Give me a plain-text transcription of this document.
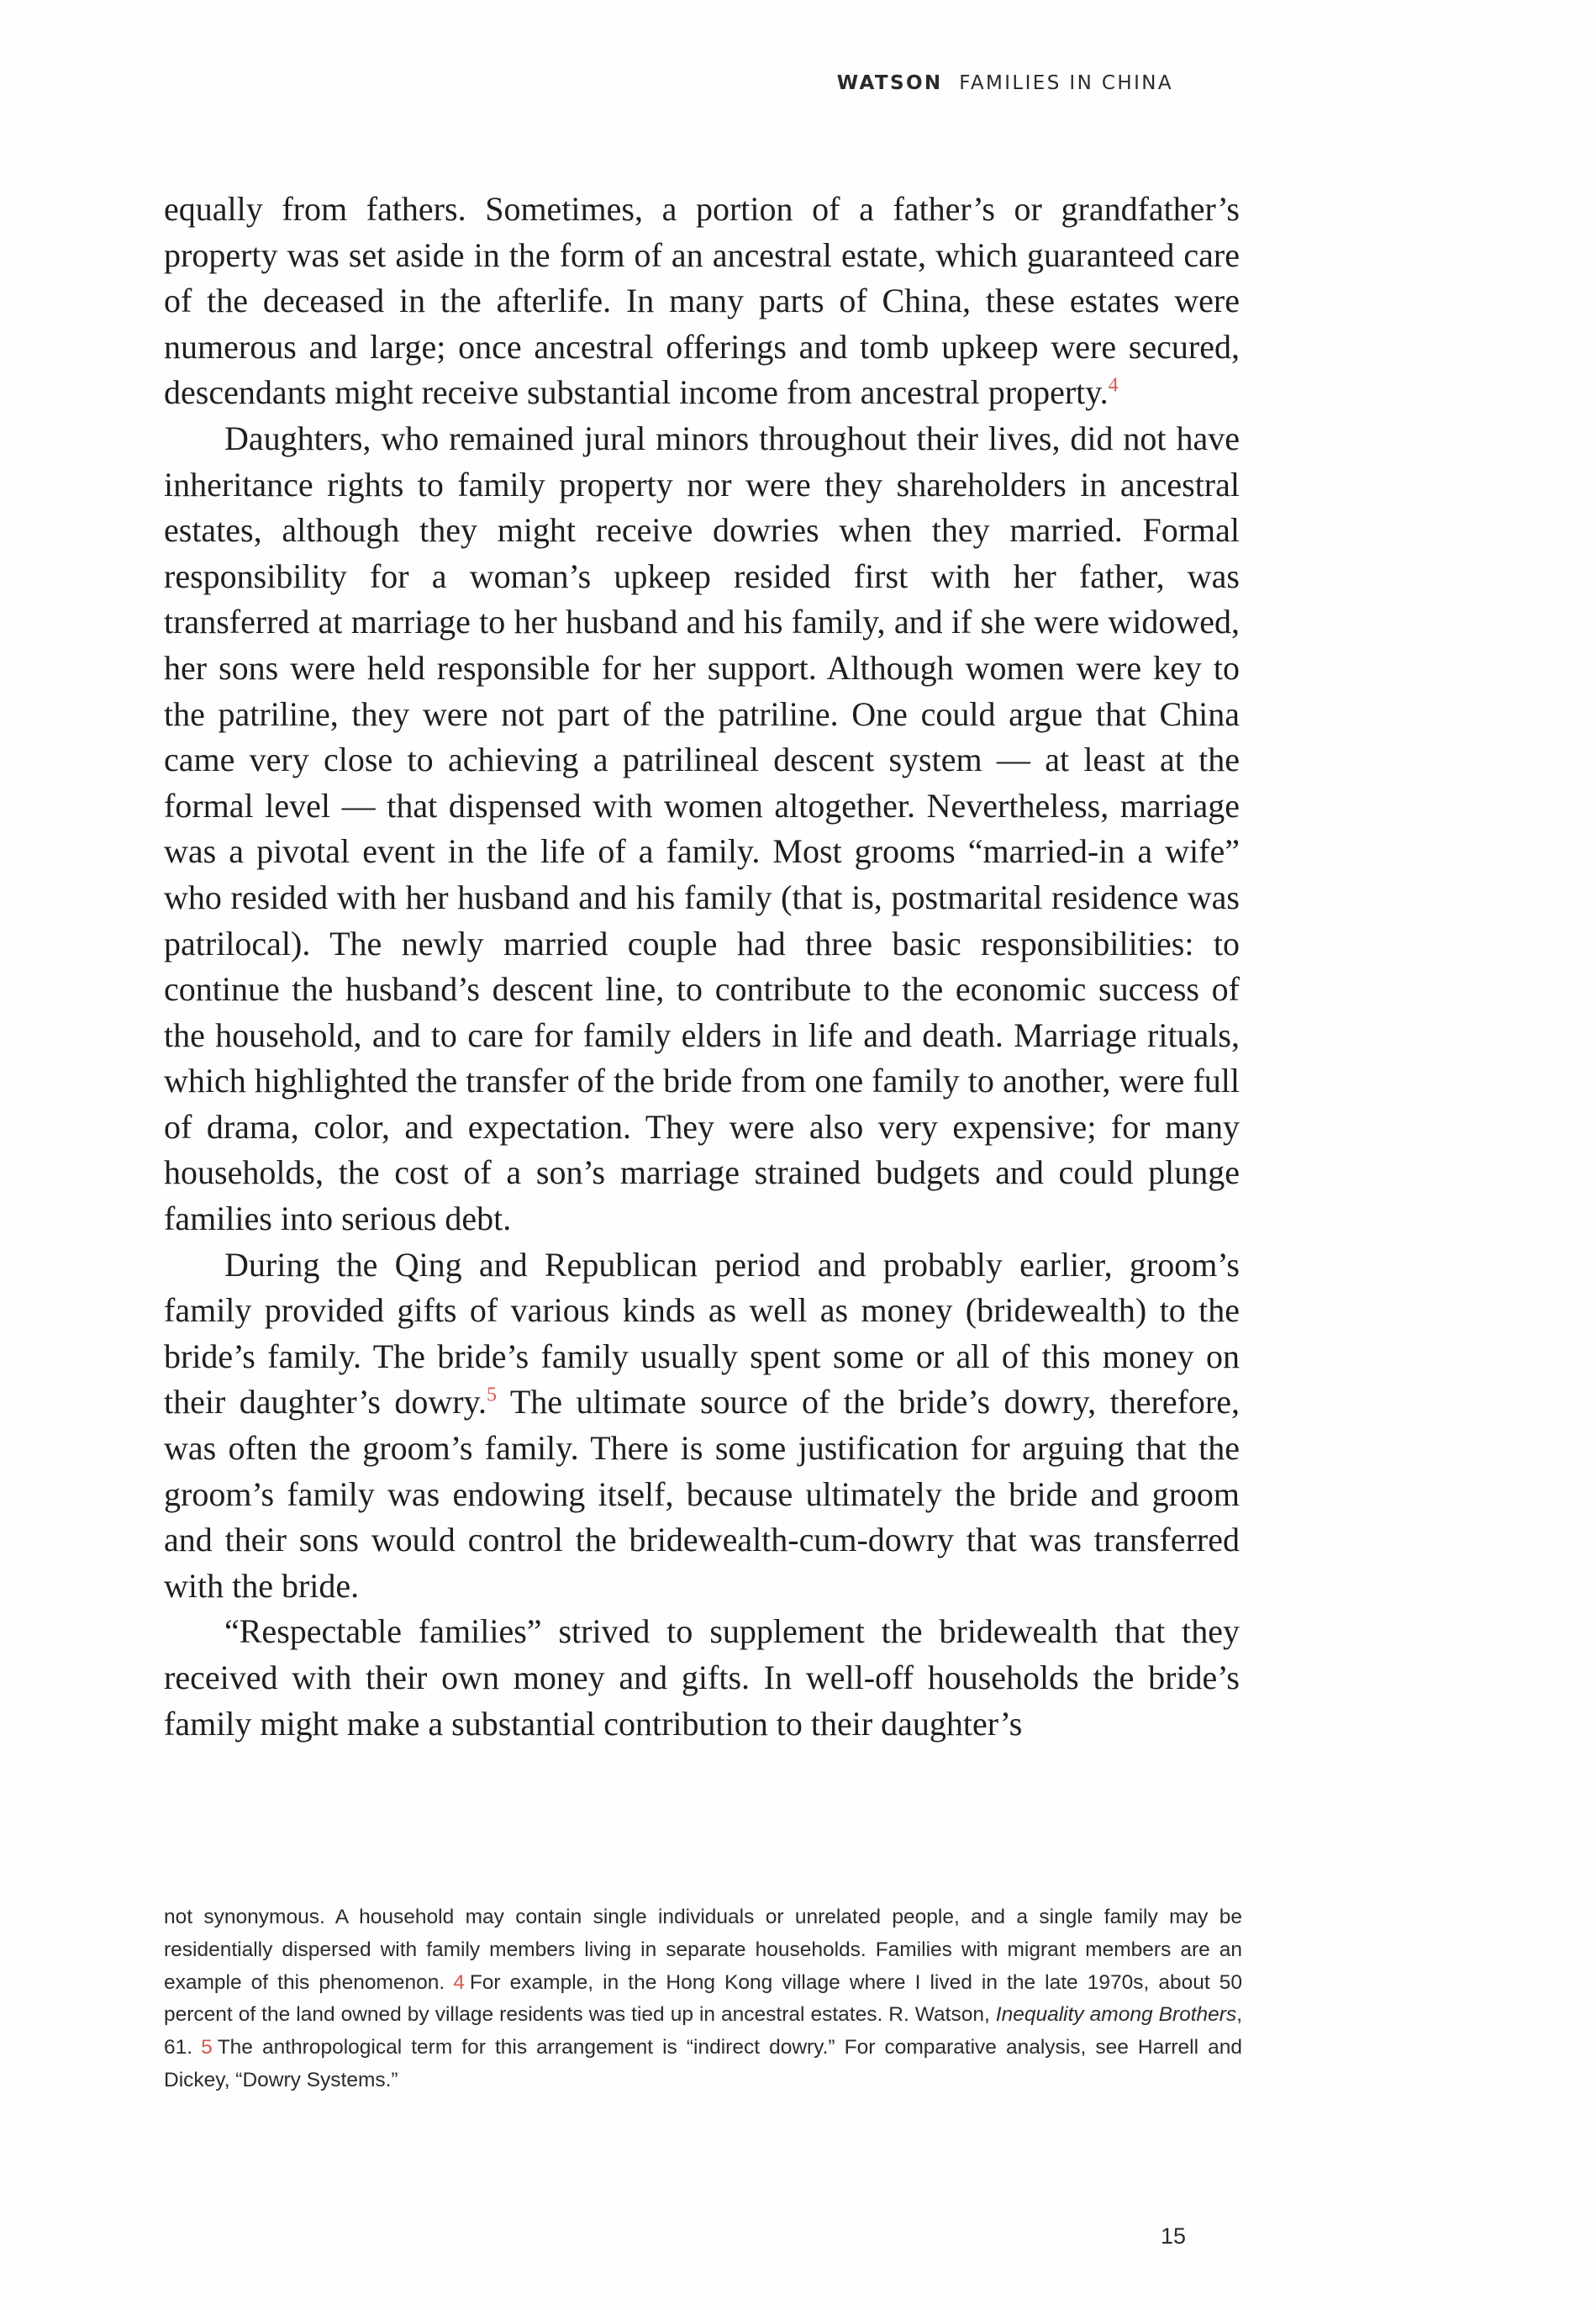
WATSON FAMILIES IN CHINA

equally from fathers. Sometimes, a portion of a father’s or grandfather’s property was set aside in the form of an ancestral estate, which guaranteed care of the deceased in the afterlife. In many parts of China, these estates were numerous and large; once ancestral offerings and tomb upkeep were secured, descendants might receive substantial income from ancestral property.$^4$

Daughters, who remained jural minors throughout their lives, did not have inheritance rights to family property nor were they shareholders in ancestral estates, although they might receive dowries when they married. Formal responsibility for a woman’s upkeep resided first with her father, was transferred at marriage to her husband and his family, and if she were widowed, her sons were held responsible for her support. Although women were key to the patriline, they were not part of the patriline. One could argue that China came very close to achieving a patrilineal descent system — at least at the formal level — that dispensed with women altogether. Nevertheless, marriage was a pivotal event in the life of a family. Most grooms “married-in a wife” who resided with her husband and his family (that is, postmarital residence was patrilocal). The newly married couple had three basic responsibilities: to continue the husband’s descent line, to contribute to the economic success of the household, and to care for family elders in life and death. Marriage rituals, which highlighted the transfer of the bride from one family to another, were full of drama, color, and expectation. They were also very expensive; for many households, the cost of a son’s marriage strained budgets and could plunge families into serious debt.

During the Qing and Republican period and probably earlier, groom’s family provided gifts of various kinds as well as money (bridewealth) to the bride’s family. The bride’s family usually spent some or all of this money on their daughter’s dowry.$^5$ The ultimate source of the bride’s dowry, therefore, was often the groom’s family. There is some justification for arguing that the groom’s family was endowing itself, because ultimately the bride and groom and their sons would control the bridewealth-cum-dowry that was transferred with the bride.

“Respectable families” strived to supplement the bridewealth that they received with their own money and gifts. In well-off households the bride’s family might make a substantial contribution to their daughter’s

not synonymous. A household may contain single individuals or unrelated people, and a single family may be residentially dispersed with family members living in separate households. Families with migrant members are an example of this phenomenon. 4 For example, in the Hong Kong village where I lived in the late 1970s, about 50 percent of the land owned by village residents was tied up in ancestral estates. R. Watson, Inequality among Brothers, 61. 5 The anthropological term for this arrangement is “indirect dowry.” For comparative analysis, see Harrell and Dickey, “Dowry Systems.”
15
